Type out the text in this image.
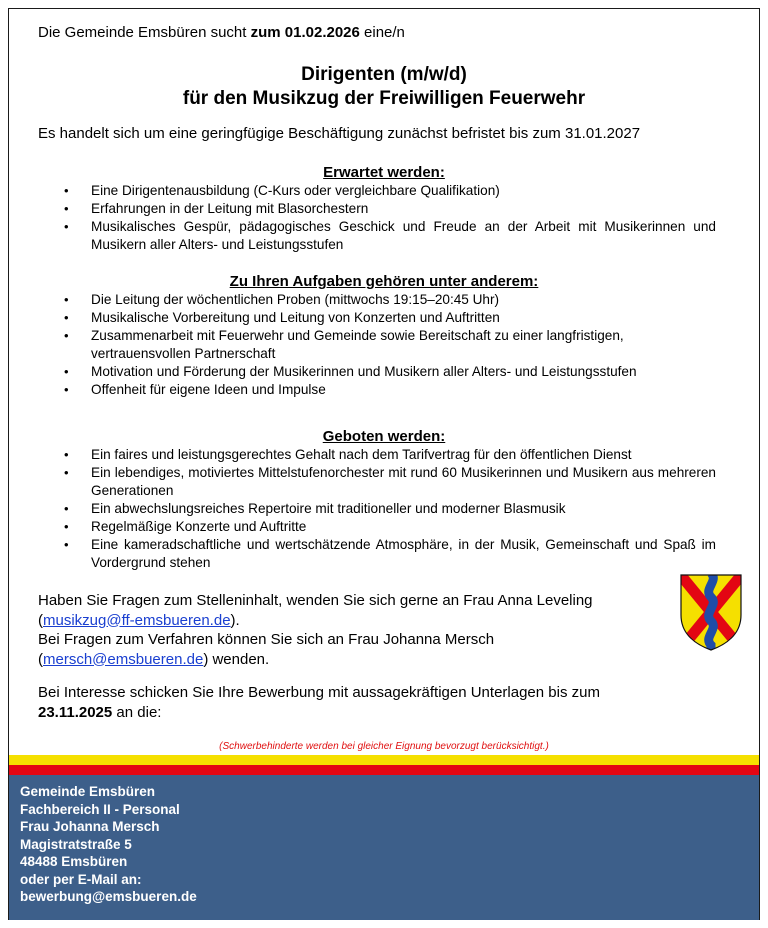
Die Gemeinde Emsbüren sucht zum 01.02.2026 eine/n
Dirigenten (m/w/d)
für den Musikzug der Freiwilligen Feuerwehr
Es handelt sich um eine geringfügige Beschäftigung zunächst befristet bis zum 31.01.2027
Erwartet werden:
• Eine Dirigentenausbildung (C-Kurs oder vergleichbare Qualifikation)
• Erfahrungen in der Leitung mit Blasorchestern
• Musikalisches Gespür, pädagogisches Geschick und Freude an der Arbeit mit Musikerinnen und Musikern aller Alters- und Leistungsstufen
Zu Ihren Aufgaben gehören unter anderem:
• Die Leitung der wöchentlichen Proben (mittwochs 19:15–20:45 Uhr)
• Musikalische Vorbereitung und Leitung von Konzerten und Auftritten
• Zusammenarbeit mit Feuerwehr und Gemeinde sowie Bereitschaft zu einer langfristigen, vertrauensvollen Partnerschaft
• Motivation und Förderung der Musikerinnen und Musikern aller Alters- und Leistungsstufen
• Offenheit für eigene Ideen und Impulse
Geboten werden:
• Ein faires und leistungsgerechtes Gehalt nach dem Tarifvertrag für den öffentlichen Dienst
• Ein lebendiges, motiviertes Mittelstufenorchester mit rund 60 Musikerinnen und Musikern aus mehreren Generationen
• Ein abwechslungsreiches Repertoire mit traditioneller und moderner Blasmusik
• Regelmäßige Konzerte und Auftritte
• Eine kameradschaftliche und wertschätzende Atmosphäre, in der Musik, Gemeinschaft und Spaß im Vordergrund stehen
Haben Sie Fragen zum Stelleninhalt, wenden Sie sich gerne an Frau Anna Leveling
(musikzug@ff-emsbueren.de).
Bei Fragen zum Verfahren können Sie sich an Frau Johanna Mersch
(mersch@emsbueren.de) wenden.
Bei Interesse schicken Sie Ihre Bewerbung mit aussagekräftigen Unterlagen bis zum
23.11.2025 an die:
(Schwerbehinderte werden bei gleicher Eignung bevorzugt berücksichtigt.)
Gemeinde Emsbüren
Fachbereich II - Personal
Frau Johanna Mersch
Magistratstraße 5
48488 Emsbüren
oder per E-Mail an:
bewerbung@emsbueren.de
